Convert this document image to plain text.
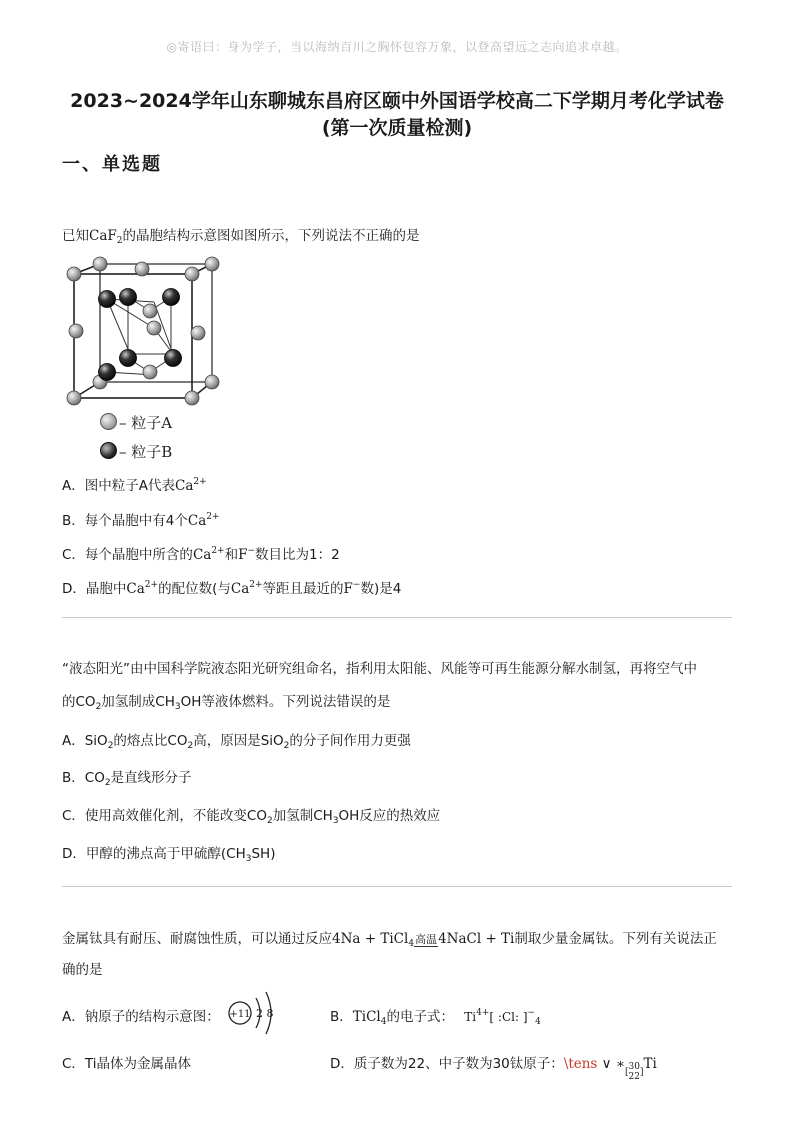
◎寄语曰：身为学子，当以海纳百川之胸怀包容万象，以登高望远之志向追求卓越。
2023~2024学年山东聊城东昌府区颐中外国语学校高二下学期月考化学试卷
(第一次质量检测)
一、单选题
已知CaF$_2$的晶胞结构示意图如图所示，下列说法不正确的是
– 粒子A
– 粒子B
A．图中粒子A代表$Ca^{2+}$
B．每个晶胞中有4个$Ca^{2+}$
C．每个晶胞中所含的$Ca^{2+}$和F−数目比为1：2
D．晶胞中$Ca^{2+}$的配位数(与$Ca^{2+}$等距且最近的F−数)是4
“液态阳光”由中国科学院液态阳光研究组命名，指利用太阳能、风能等可再生能源分解水制氢，再将空气中
的$CO_2$加氢制成$CH_3OH$等液体燃料。下列说法错误的是
A．SiO$_2$的熔点比$CO_2$高，原因是SiO$_2$的分子间作用力更强
B．$CO_2$是直线形分子
C．使用高效催化剂，不能改变$CO_2$加氢制$CH_3OH$反应的热效应
D．甲醇的沸点高于甲硫醇$(CH_3SH)$
金属钛具有耐压、耐腐蚀性质，可以通过反应4Na + TiCl$_4$高温4NaCl + Ti制取少量金属钛。下列有关说法正
确的是
A．钠原子的结构示意图： +11 2 8	B．TiCl$_4$的电子式： $Ti^{4+}$[ :Cl: ]$^-_4$
C．Ti晶体为金属晶体	D．质子数为22、中子数为30钛原子：\tens ∨ ∗[30
22]Ti
